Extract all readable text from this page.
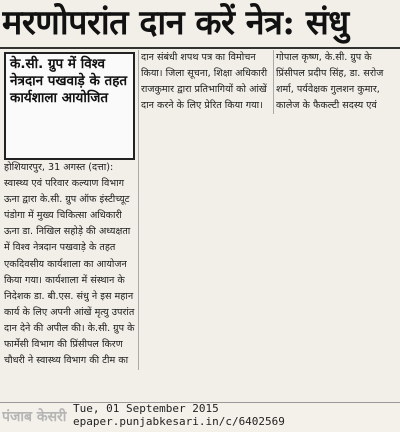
मरणोपरांत दान करें नेत्र: संधु
के.सी. ग्रुप में विश्व नेत्रदान पखवाड़े के तहत कार्यशाला आयोजित

होशियारपुर, 31 अगस्त (दत्ता): स्वास्थ्य एवं परिवार कल्याण विभाग ऊना द्वारा के.सी. ग्रुप ऑफ इंस्टीच्यूट पंडोगा में मुख्य चिकित्सा अधिकारी ऊना डा. निखिल सहोड़े की अध्यक्षता में विश्व नेत्रदान पखवाड़े के तहत एकदिवसीय कार्यशाला का आयोजन किया गया। कार्यशाला में संस्थान के निदेशक डा. बी.एस. संधु ने इस महान कार्य के लिए अपनी आंखें मृत्यु उपरांत दान देने की अपील की। के.सी. ग्रुप के फार्मेसी विभाग की प्रिंसीपल किरण चौधरी ने स्वास्थ्य विभाग की टीम का

दान संबंधी शपथ पत्र का विमोचन किया। जिला सूचना, शिक्षा अधिकारी राजकुमार द्वारा प्रतिभागियों को आंखें दान करने के लिए प्रेरित किया गया।

गोपाल कृष्ण, के.सी. ग्रुप के प्रिंसीपल प्रदीप सिंह, डा. सरोज शर्मा, पर्यवेक्षक गुलशन कुमार, कालेज के फैकल्टी सदस्य एवं

पंजाब केसरी
Tue, 01 September 2015
epaper.punjabkesari.in/c/6402569
